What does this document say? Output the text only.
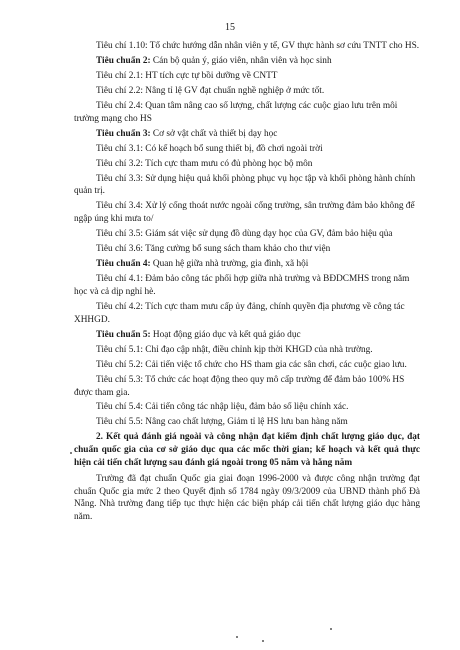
15

Tiêu chí 1.10: Tổ chức hướng dẫn nhân viên y tế, GV thực hành sơ cứu TNTT cho HS.

Tiêu chuẩn 2: Cán bộ quản ý, giáo viên, nhân viên và học sinh

Tiêu chí 2.1: HT tích cực tự bồi dưỡng về CNTT

Tiêu chí 2.2: Nâng tỉ lệ GV đạt chuẩn nghề nghiệp ở mức tốt.

Tiêu chí 2.4: Quan tâm nâng cao số lượng, chất lượng các cuộc giao lưu trên môi trường mạng cho HS

Tiêu chuẩn 3: Cơ sở vật chất và thiết bị dạy học

Tiêu chí 3.1: Có kế hoạch bổ sung thiết bị, đồ chơi ngoài trời

Tiêu chí 3.2: Tích cực tham mưu có đủ phòng học bộ môn

Tiêu chí 3.3: Sử dụng hiệu quả khối phòng phục vụ học tập và khối phòng hành chính quản trị.

Tiêu chí 3.4: Xử lý cống thoát nước ngoài cổng trường, sân trường đảm bảo không để ngập úng khi mưa to/

Tiêu chí 3.5: Giám sát việc sử dụng đồ dùng dạy học của GV, đảm bảo hiệu qủa

Tiêu chí 3.6: Tăng cường bổ sung sách tham khảo cho thư viện

Tiêu chuẩn 4: Quan hệ giữa nhà trường, gia đình, xã hội

Tiêu chí 4.1: Đảm bảo công tác phối hợp giữa nhà trường và BĐDCMHS trong năm học và cả dịp nghỉ hè.

Tiêu chí 4.2: Tích cực tham mưu cấp ủy đảng, chính quyền địa phương về công tác XHHGD.

Tiêu chuẩn 5: Hoạt động giáo dục và kết quả giáo dục

Tiêu chí 5.1: Chỉ đạo cập nhật, điều chỉnh kịp thời KHGD của nhà trường.

Tiêu chí 5.2: Cải tiến việc tổ chức cho HS tham gia các sân chơi, các cuộc giao lưu.

Tiêu chí 5.3: Tổ chức các hoạt động theo quy mô cấp trường để đảm bảo 100% HS được tham gia.

Tiêu chí 5.4: Cải tiến công tác nhập liệu, đảm bảo số liệu chính xác.

Tiêu chí 5.5: Nâng cao chất lượng, Giảm tỉ lệ HS lưu ban hàng năm

2. Kết quả đánh giá ngoài và công nhận đạt kiểm định chất lượng giáo dục, đạt chuẩn quốc gia của cơ sở giáo dục qua các mốc thời gian; kế hoạch và kết quả thực hiện cải tiến chất lượng sau đánh giá ngoài trong 05 năm và hằng năm

Trường đã đạt chuẩn Quốc gia giai đoạn 1996-2000 và được công nhận trường đạt chuẩn Quốc gia mức 2 theo Quyết định số 1784 ngày 09/3/2009 của UBND thành phố Đà Nẵng. Nhà trường đang tiếp tục thực hiện các biện pháp cải tiến chất lượng giáo dục hàng năm.
